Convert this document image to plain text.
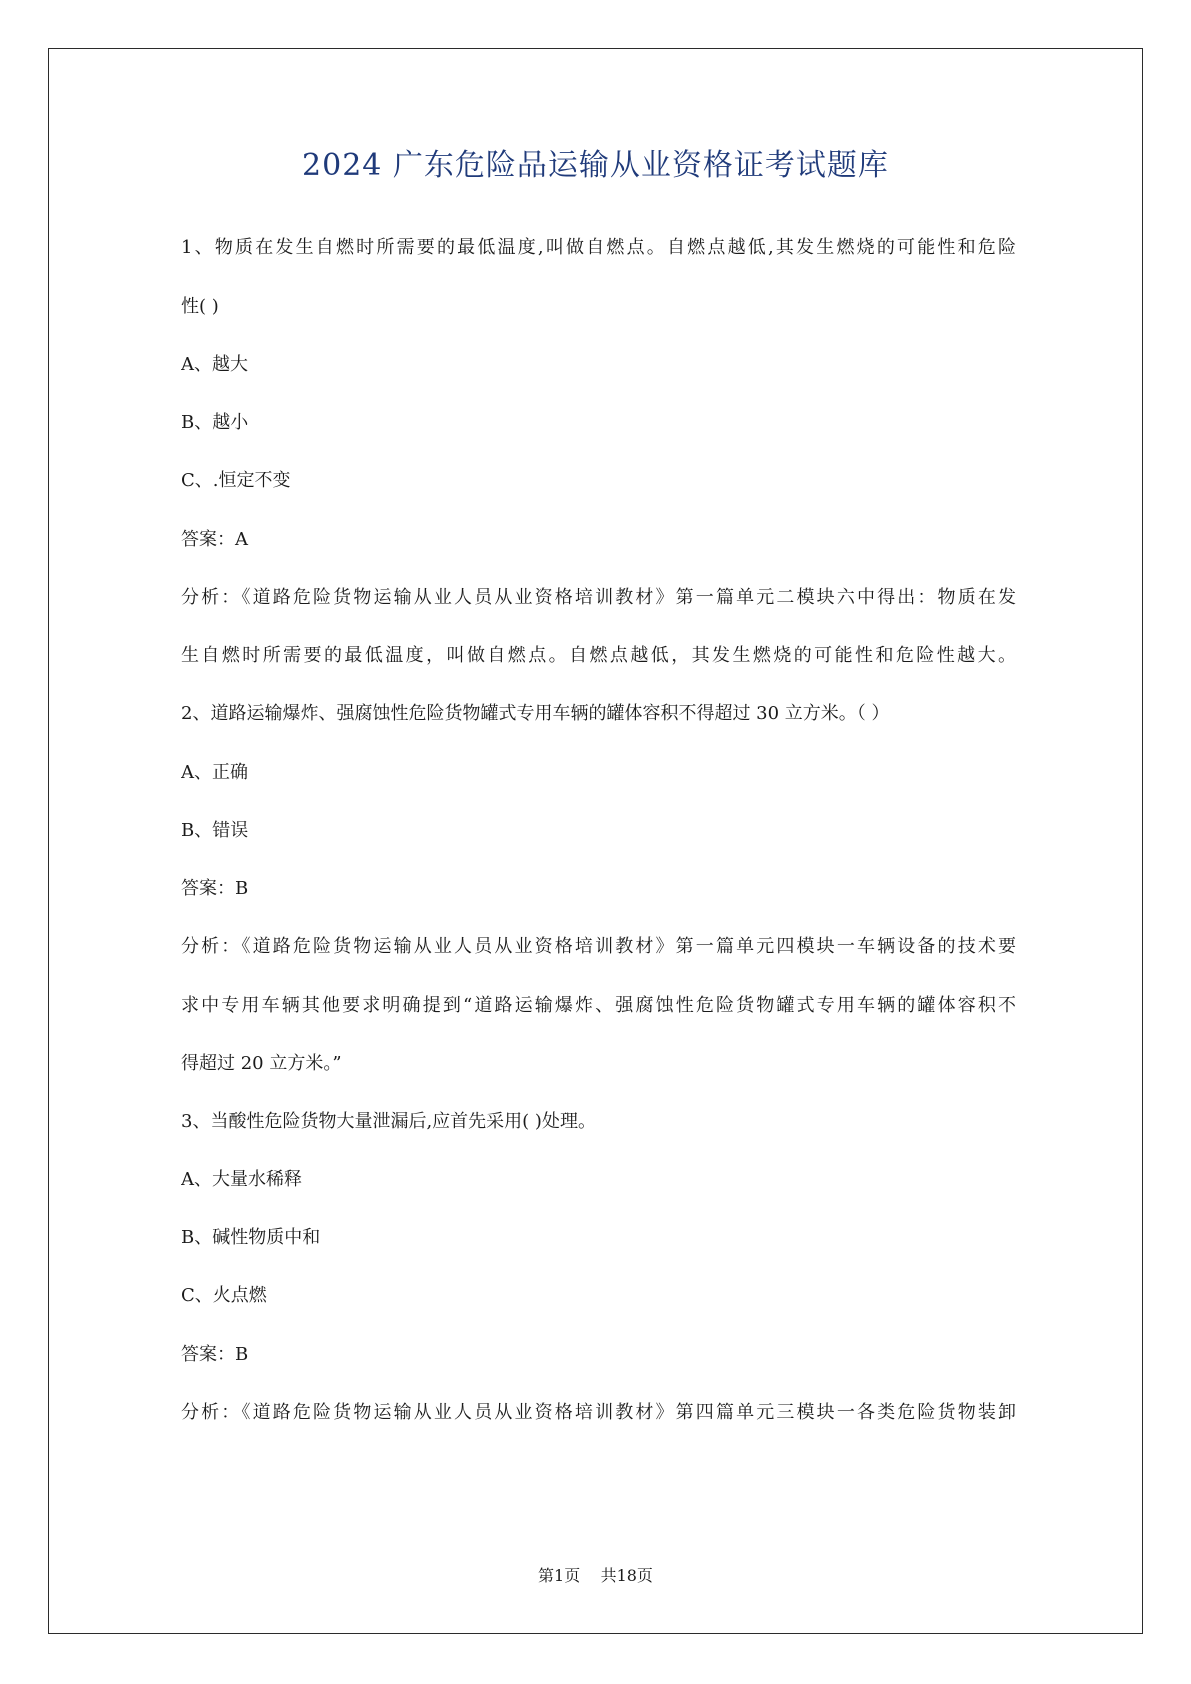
2024 广东危险品运输从业资格证考试题库
1、物质在发生自燃时所需要的最低温度,叫做自燃点。自燃点越低,其发生燃烧的可能性和危险
性( )
A、越大
B、越小
C、.恒定不变
答案：A
分析：《道路危险货物运输从业人员从业资格培训教材》第一篇单元二模块六中得出：物质在发
生自燃时所需要的最低温度，叫做自燃点。自燃点越低，其发生燃烧的可能性和危险性越大。
2、道路运输爆炸、强腐蚀性危险货物罐式专用车辆的罐体容积不得超过 30 立方米。（ ）
A、正确
B、错误
答案：B
分析：《道路危险货物运输从业人员从业资格培训教材》第一篇单元四模块一车辆设备的技术要
求中专用车辆其他要求明确提到“道路运输爆炸、强腐蚀性危险货物罐式专用车辆的罐体容积不
得超过 20 立方米。”
3、当酸性危险货物大量泄漏后,应首先采用( )处理。
A、大量水稀释
B、碱性物质中和
C、火点燃
答案：B
分析：《道路危险货物运输从业人员从业资格培训教材》第四篇单元三模块一各类危险货物装卸
第1页    共18页
